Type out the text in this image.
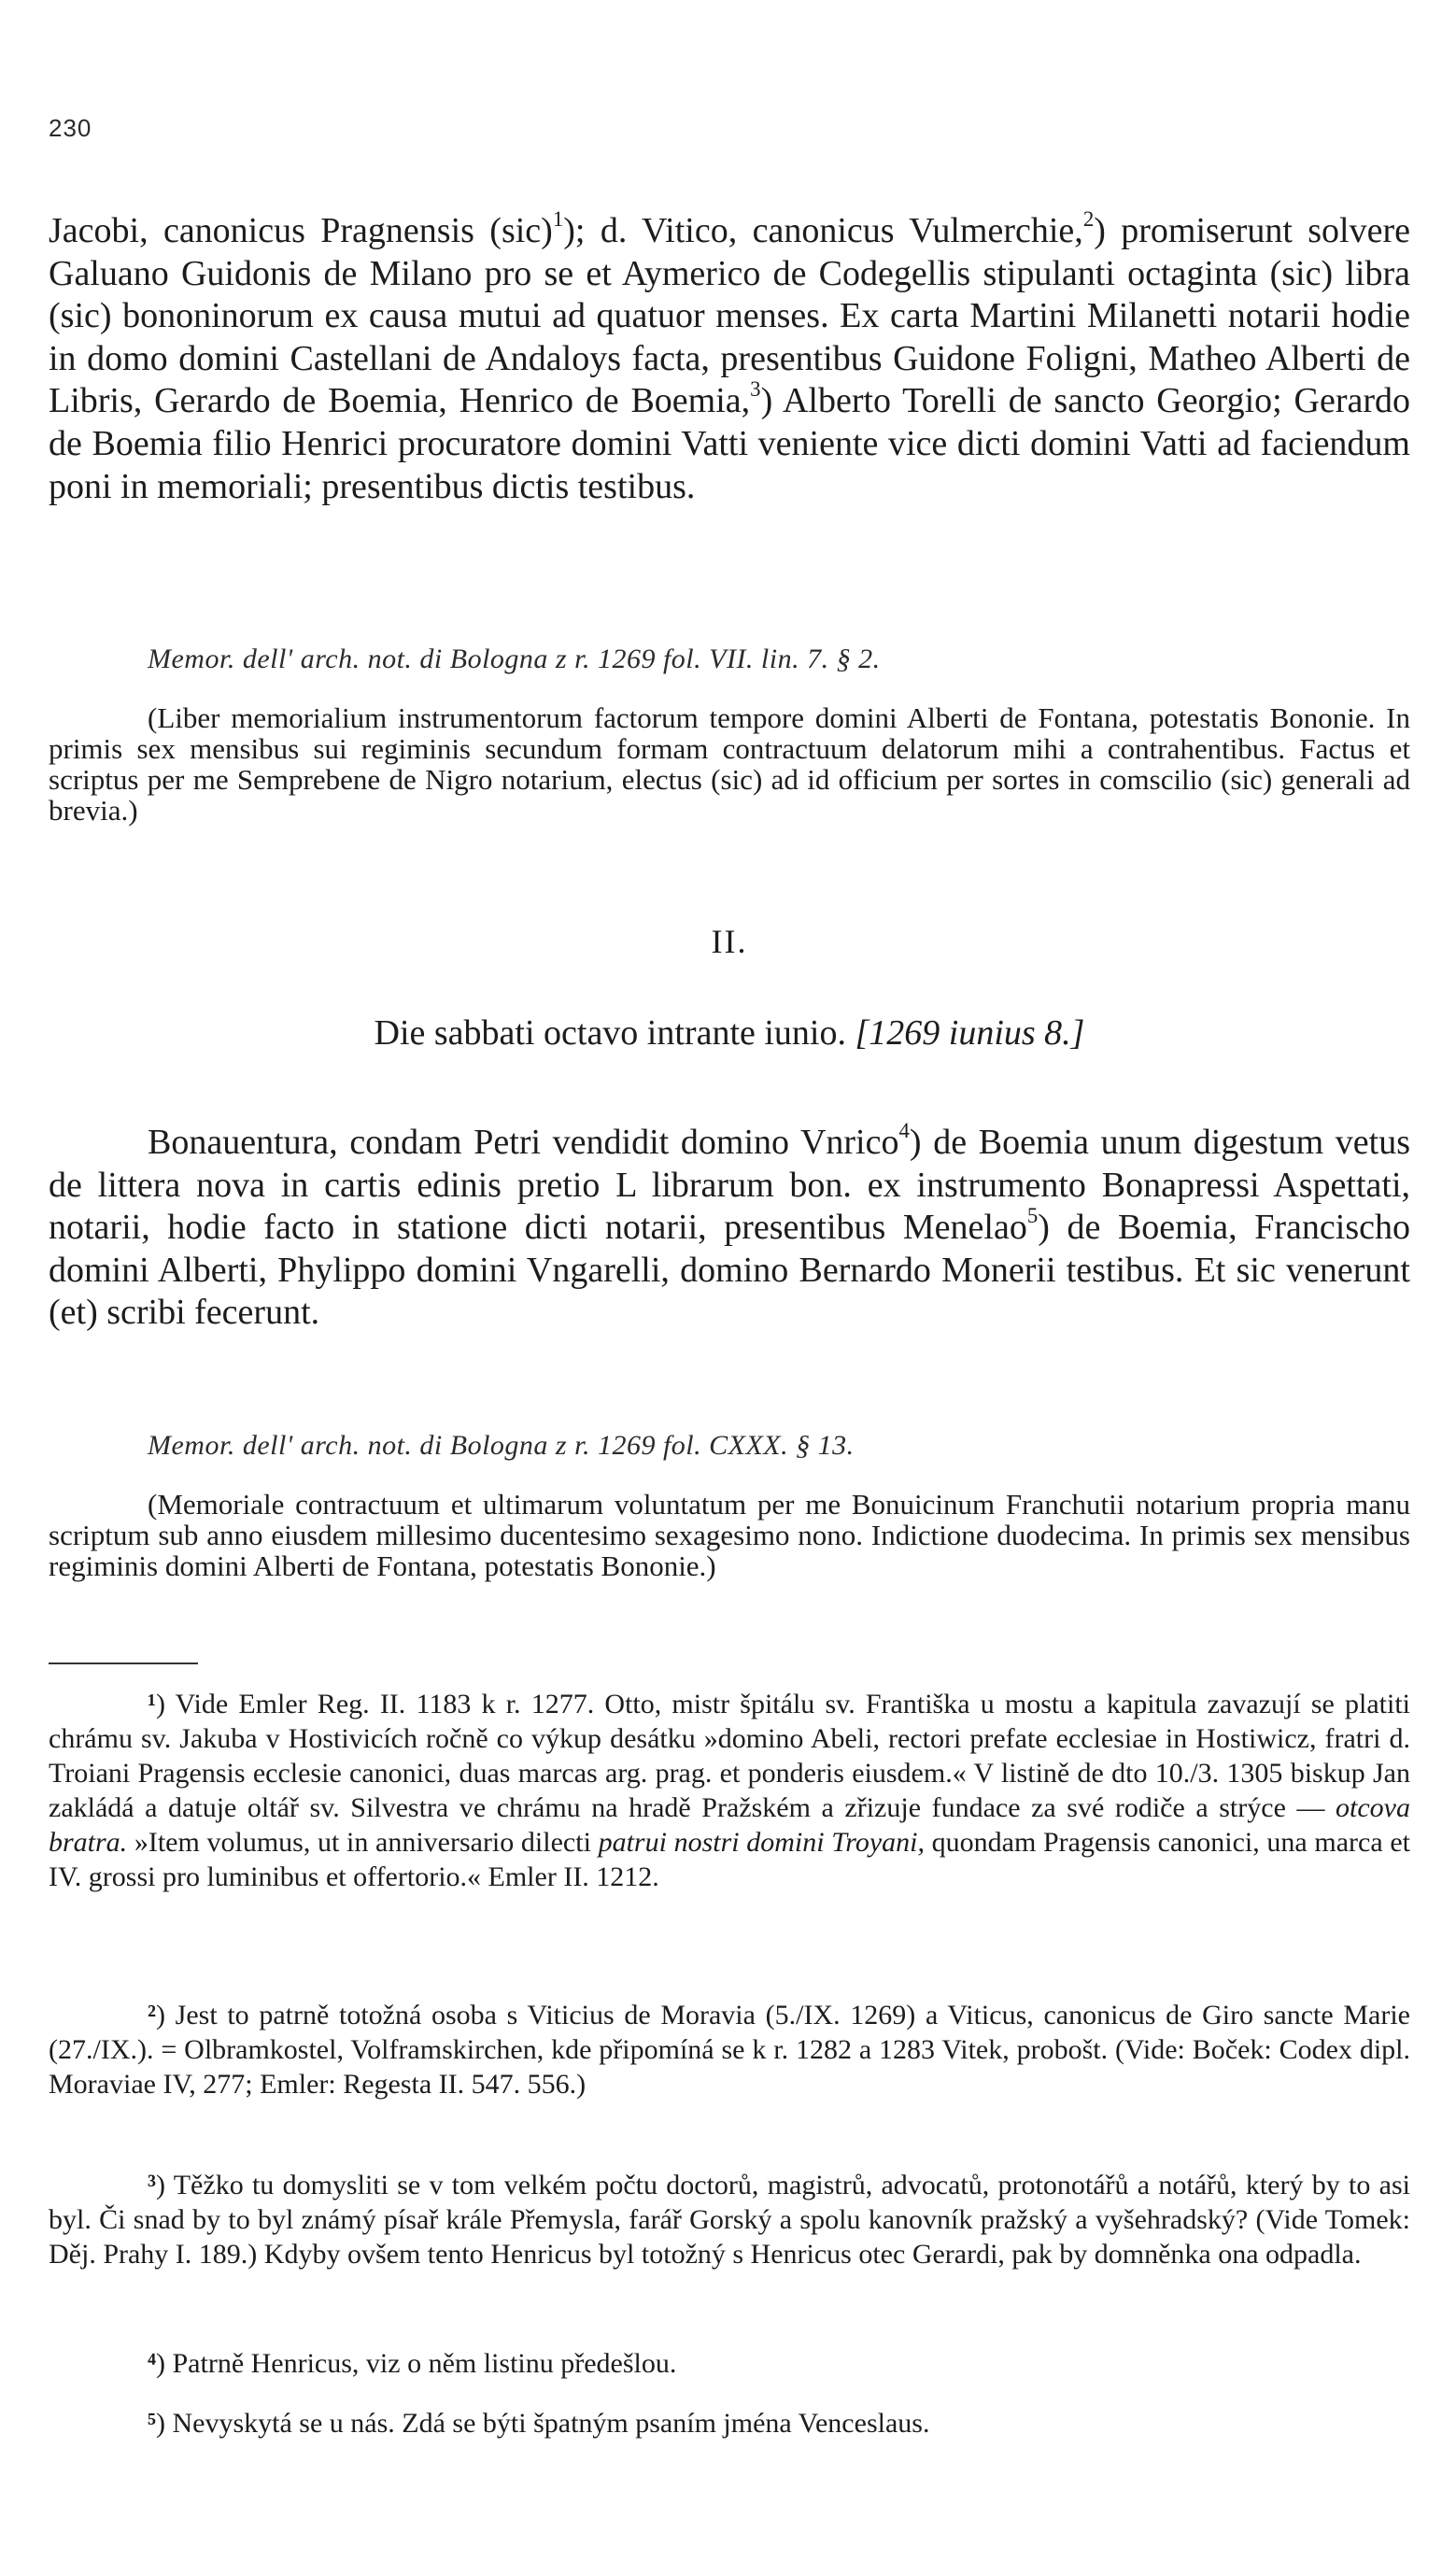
230

Jacobi, canonicus Pragnensis (sic)$^1$); d. Vitico, canonicus Vulmerchie,$^2$) promiserunt solvere Galuano Guidonis de Milano pro se et Aymerico de Codegellis stipulanti octaginta (sic) libra (sic) bononinorum ex causa mutui ad quatuor menses. Ex carta Martini Milanetti notarii hodie in domo domini Castellani de Andaloys facta, presentibus Guidone Foligni, Matheo Alberti de Libris, Gerardo de Boemia, Henrico de Boemia,$^3$) Alberto Torelli de sancto Georgio; Gerardo de Boemia filio Henrici procuratore domini Vatti veniente vice dicti domini Vatti ad faciendum poni in memoriali; presentibus dictis testibus.

Memor. dell' arch. not. di Bologna z r. 1269 fol. VII. lin. 7. § 2.

(Liber memorialium instrumentorum factorum tempore domini Alberti de Fontana, potestatis Bononie. In primis sex mensibus sui regiminis secundum formam contractuum delatorum mihi a contrahentibus. Factus et scriptus per me Semprebene de Nigro notarium, electus (sic) ad id officium per sortes in comscilio (sic) generali ad brevia.)

II.

Die sabbati octavo intrante iunio. [1269 iunius 8.]

Bonauentura, condam Petri vendidit domino Vnrico$^4$) de Boemia unum digestum vetus de littera nova in cartis edinis pretio L librarum bon. ex instrumento Bonapressi Aspettati, notarii, hodie facto in statione dicti notarii, presentibus Menelao$^5$) de Boemia, Francischo domini Alberti, Phylippo domini Vngarelli, domino Bernardo Monerii testibus. Et sic venerunt (et) scribi fecerunt.

Memor. dell' arch. not. di Bologna z r. 1269 fol. CXXX. § 13.

(Memoriale contractuum et ultimarum voluntatum per me Bonuicinum Franchutii notarium propria manu scriptum sub anno eiusdem millesimo ducentesimo sexagesimo nono. Indictione duodecima. In primis sex mensibus regiminis domini Alberti de Fontana, potestatis Bononie.)

¹) Vide Emler Reg. II. 1183 k r. 1277. Otto, mistr špitálu sv. Františka u mostu a kapitula zavazují se platiti chrámu sv. Jakuba v Hostivicích ročně co výkup desátku »domino Abeli, rectori prefate ecclesiae in Hostiwicz, fratri d. Troiani Pragensis ecclesie canonici, duas marcas arg. prag. et ponderis eiusdem.« V listině de dto 10./3. 1305 biskup Jan zakládá a datuje oltář sv. Silvestra ve chrámu na hradě Pražském a zřizuje fundace za své rodiče a strýce — otcova bratra. »Item volumus, ut in anniversario dilecti patrui nostri domini Troyani, quondam Pragensis canonici, una marca et IV. grossi pro luminibus et offertorio.« Emler II. 1212.

²) Jest to patrně totožná osoba s Viticius de Moravia (5./IX. 1269) a Viticus, canonicus de Giro sancte Marie (27./IX.). = Olbramkostel, Volframskirchen, kde připomíná se k r. 1282 a 1283 Vitek, probošt. (Vide: Boček: Codex dipl. Moraviae IV, 277; Emler: Regesta II. 547. 556.)

³) Těžko tu domysliti se v tom velkém počtu doctorů, magistrů, advocatů, protonotářů a notářů, který by to asi byl. Či snad by to byl známý písař krále Přemysla, farář Gorský a spolu kanovník pražský a vyšehradský? (Vide Tomek: Děj. Prahy I. 189.) Kdyby ovšem tento Henricus byl totožný s Henricus otec Gerardi, pak by domněnka ona odpadla.

⁴) Patrně Henricus, viz o něm listinu předešlou.

⁵) Nevyskytá se u nás. Zdá se býti špatným psaním jména Venceslaus.
